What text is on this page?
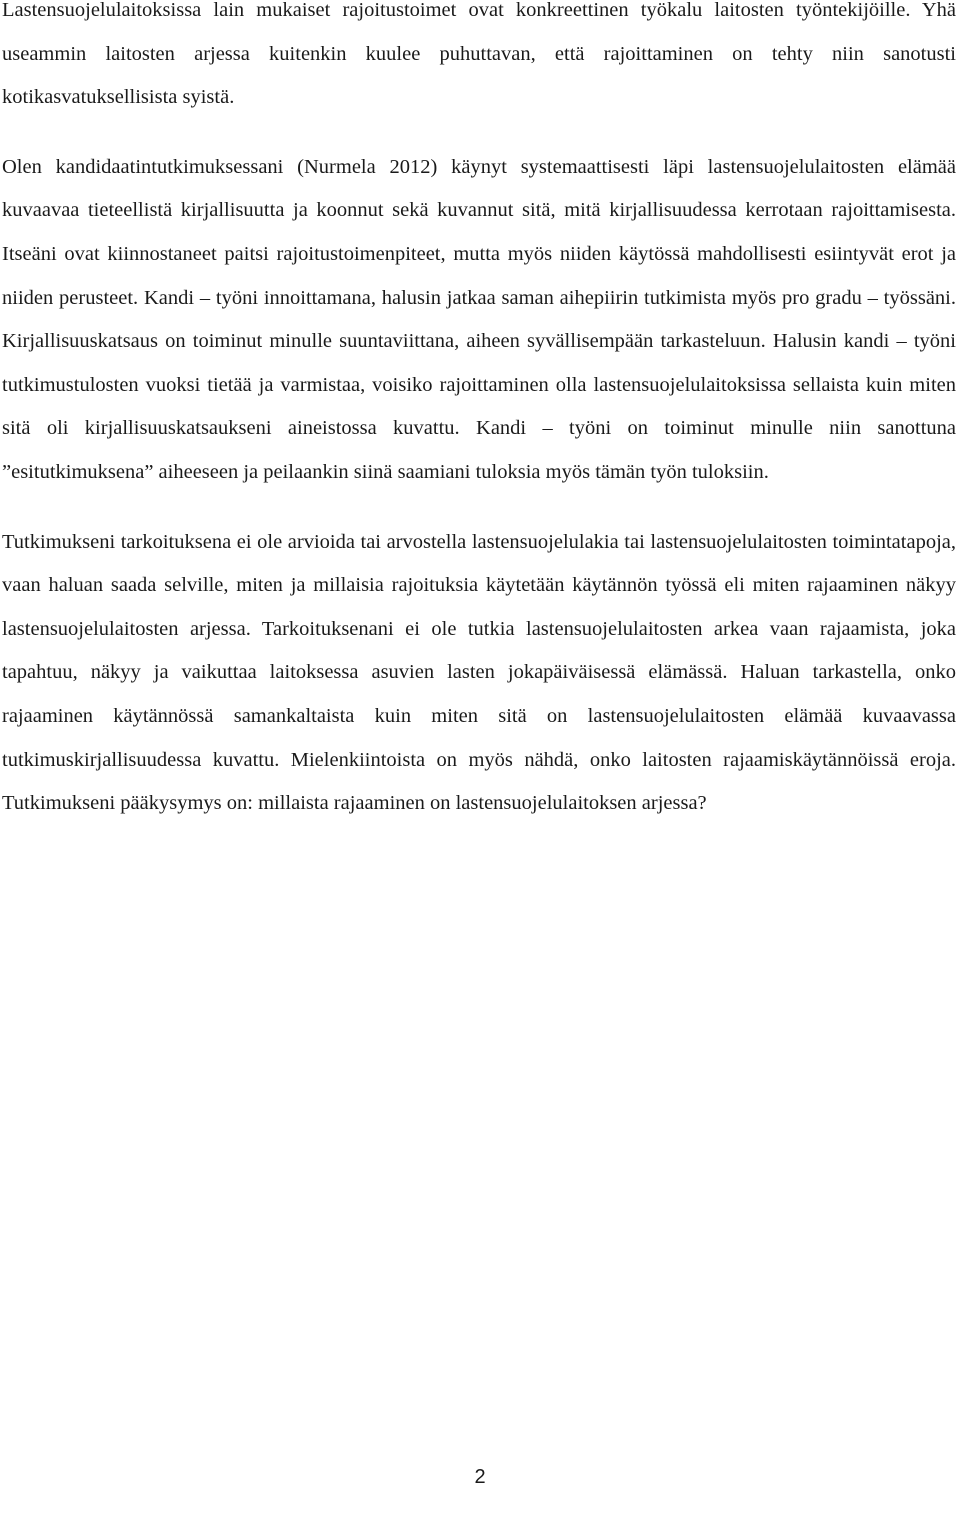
Lastensuojelulaitoksissa lain mukaiset rajoitustoimet ovat konkreettinen työkalu laitosten työntekijöille. Yhä useammin laitosten arjessa kuitenkin kuulee puhuttavan, että rajoittaminen on tehty niin sanotusti kotikasvatuksellisista syistä.

Olen kandidaatintutkimuksessani (Nurmela 2012) käynyt systemaattisesti läpi lastensuojelulaitosten elämää kuvaavaa tieteellistä kirjallisuutta ja koonnut sekä kuvannut sitä, mitä kirjallisuudessa kerrotaan rajoittamisesta. Itseäni ovat kiinnostaneet paitsi rajoitustoimenpiteet, mutta myös niiden käytössä mahdollisesti esiintyvät erot ja niiden perusteet. Kandi – työni innoittamana, halusin jatkaa saman aihepiirin tutkimista myös pro gradu – työssäni. Kirjallisuuskatsaus on toiminut minulle suuntaviittana, aiheen syvällisempään tarkasteluun. Halusin kandi – työni tutkimustulosten vuoksi tietää ja varmistaa, voisiko rajoittaminen olla lastensuojelulaitoksissa sellaista kuin miten sitä oli kirjallisuuskatsaukseni aineistossa kuvattu. Kandi – työni on toiminut minulle niin sanottuna ”esitutkimuksena” aiheeseen ja peilaankin siinä saamiani tuloksia myös tämän työn tuloksiin.

Tutkimukseni tarkoituksena ei ole arvioida tai arvostella lastensuojelulakia tai lastensuojelulaitosten toimintatapoja, vaan haluan saada selville, miten ja millaisia rajoituksia käytetään käytännön työssä eli miten rajaaminen näkyy lastensuojelulaitosten arjessa. Tarkoituksenani ei ole tutkia lastensuojelulaitosten arkea vaan rajaamista, joka tapahtuu, näkyy ja vaikuttaa laitoksessa asuvien lasten jokapäiväisessä elämässä. Haluan tarkastella, onko rajaaminen käytännössä samankaltaista kuin miten sitä on lastensuojelulaitosten elämää kuvaavassa tutkimuskirjallisuudessa kuvattu. Mielenkiintoista on myös nähdä, onko laitosten rajaamiskäytännöissä eroja. Tutkimukseni pääkysymys on: millaista rajaaminen on lastensuojelulaitoksen arjessa?

2
